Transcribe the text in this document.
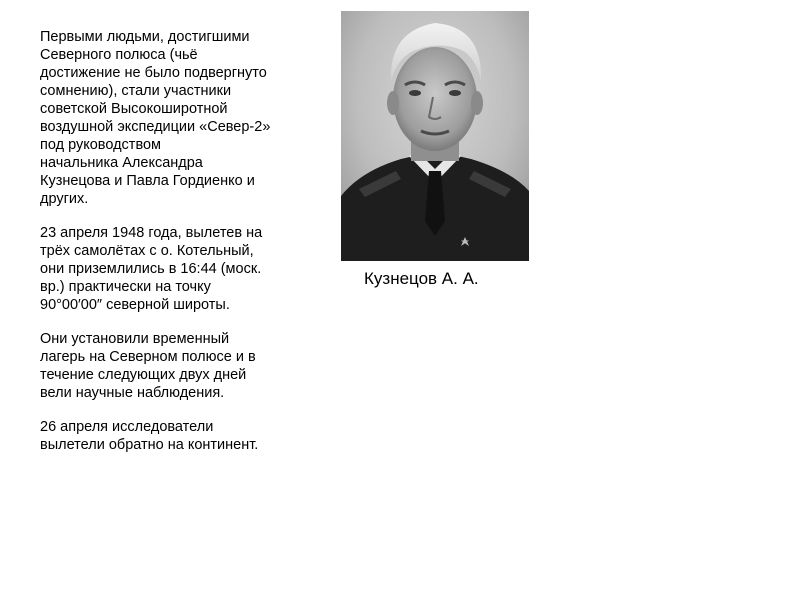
Первыми людьми, достигшими
Северного полюса (чьё
достижение не было подвергнуто
сомнению), стали участники
советской Высокоширотной
воздушной экспедиции «Север-2»
под руководством
начальника Александра
Кузнецова и Павла Гордиенко и
других.

23 апреля 1948 года, вылетев на
трёх самолётах с о. Котельный,
они приземлились в 16:44 (моск.
вр.) практически на точку
90°00′00″ северной широты.

Они установили временный
лагерь на Северном полюсе и в
течение следующих двух дней
вели научные наблюдения.

26 апреля исследователи
вылетели обратно на континент.

Кузнецов А. А.
